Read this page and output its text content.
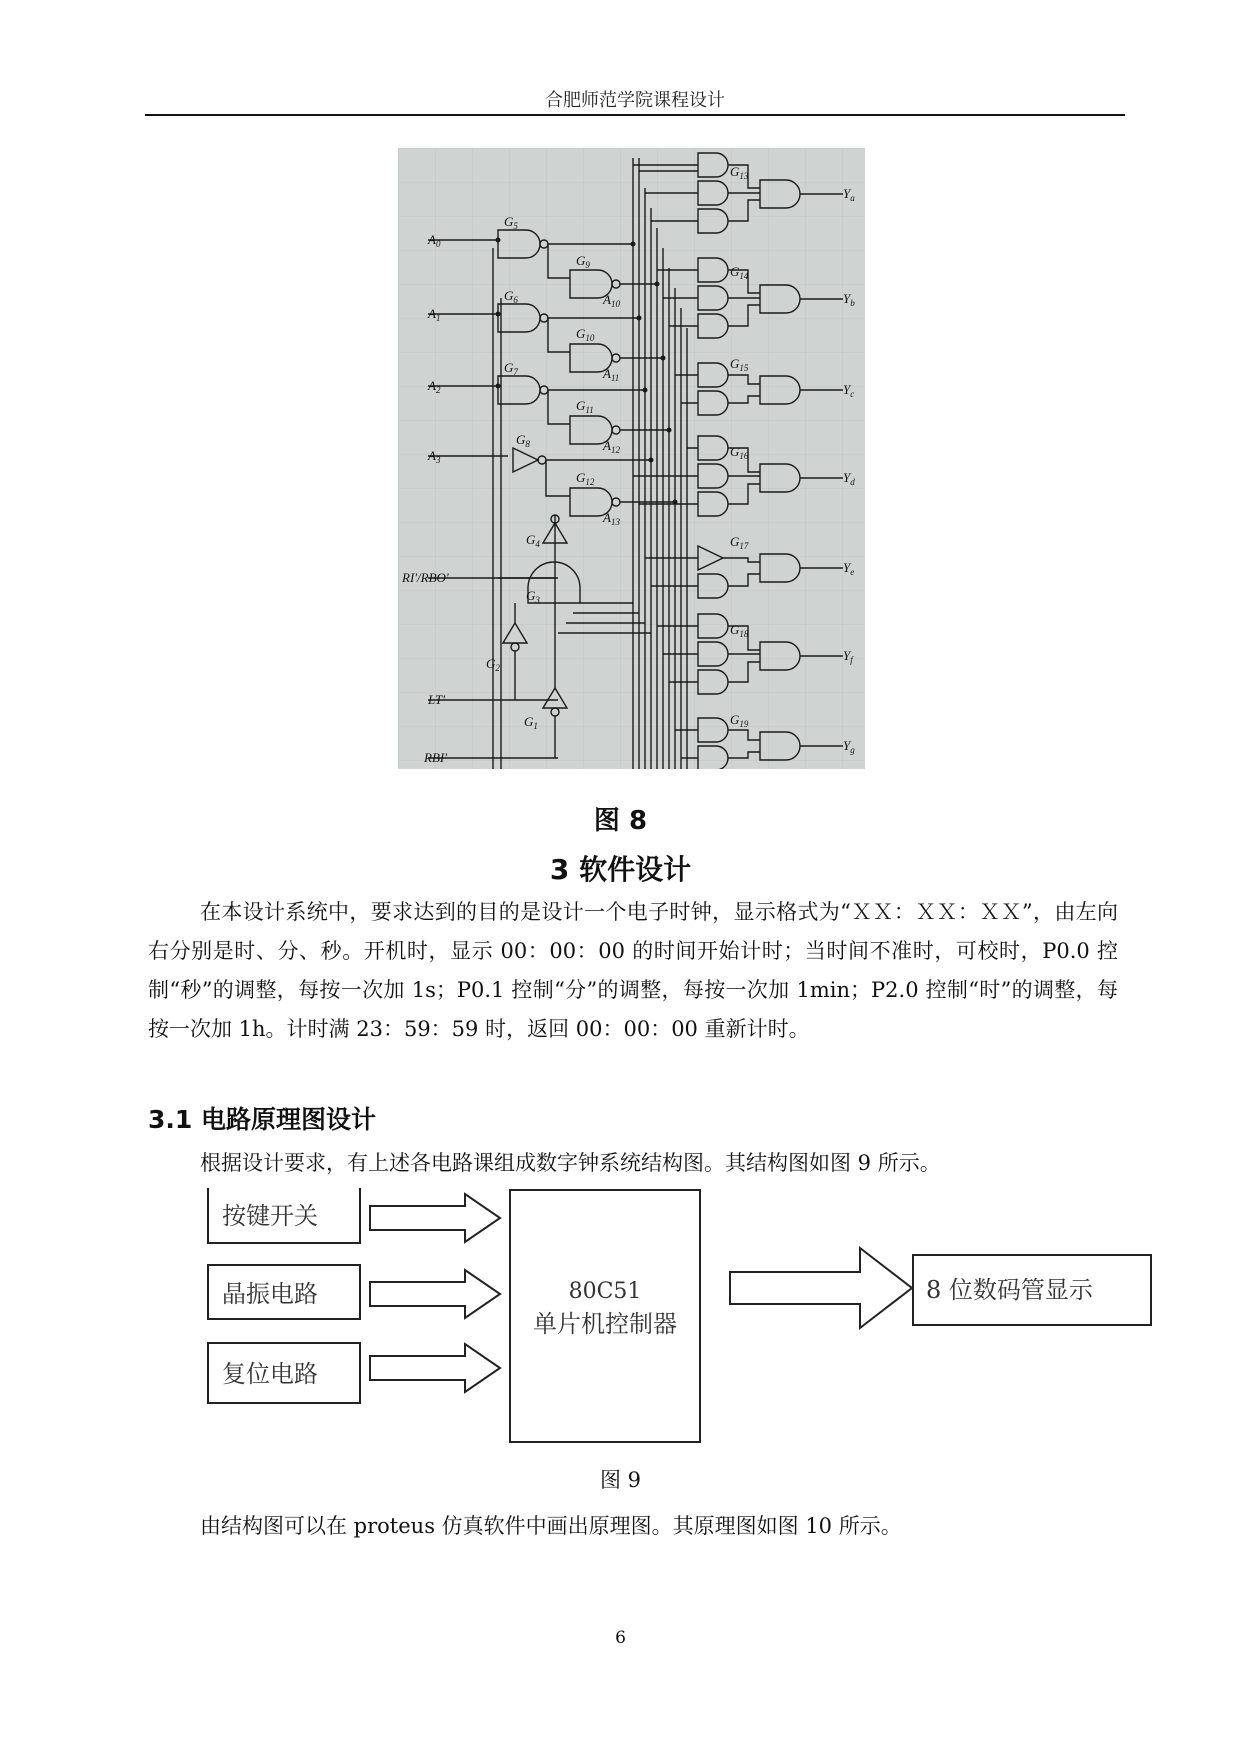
合肥师范学院课程设计
$G_{13}$
$G_5$
$G_{14}$
$G_9$
$A_{10}$
$G_6$
$G_{10}$
$A_{11}$
$G_{15}$
$G_7$
$G_{11}$
$G_{16}$
$A_{12}$
$G_8$
$G_{12}$
$A_{13}$
$G_4$	$G_{17}$
$G_3$
$G_{18}$
$G_2$
$G_1$	$G_{19}$
$A_0$
$A_1$
$A_2$
$A_3$
RI'/RBO'
LT'
RBI'
$Y_a$
$Y_b$
$Y_c$
$Y_d$
$Y_e$
$Y_f$
$Y_g$
图 8
3 软件设计
在本设计系统中，要求达到的目的是设计一个电子时钟，显示格式为“ＸＸ：ＸＸ：ＸＸ”，由左向右分别是时、分、秒。开机时，显示 00：00：00 的时间开始计时；当时间不准时，可校时，P0.0 控制“秒”的调整，每按一次加 1s；P0.1 控制“分”的调整，每按一次加 1min；P2.0 控制“时”的调整，每按一次加 1h。计时满 23：59：59 时，返回 00：00：00 重新计时。
3.1 电路原理图设计
根据设计要求，有上述各电路课组成数字钟系统结构图。其结构图如图 9 所示。
按键开关
晶振电路
复位电路
80C51
单片机控制器
8 位数码管显示
图 9
由结构图可以在 proteus 仿真软件中画出原理图。其原理图如图 10 所示。
6
